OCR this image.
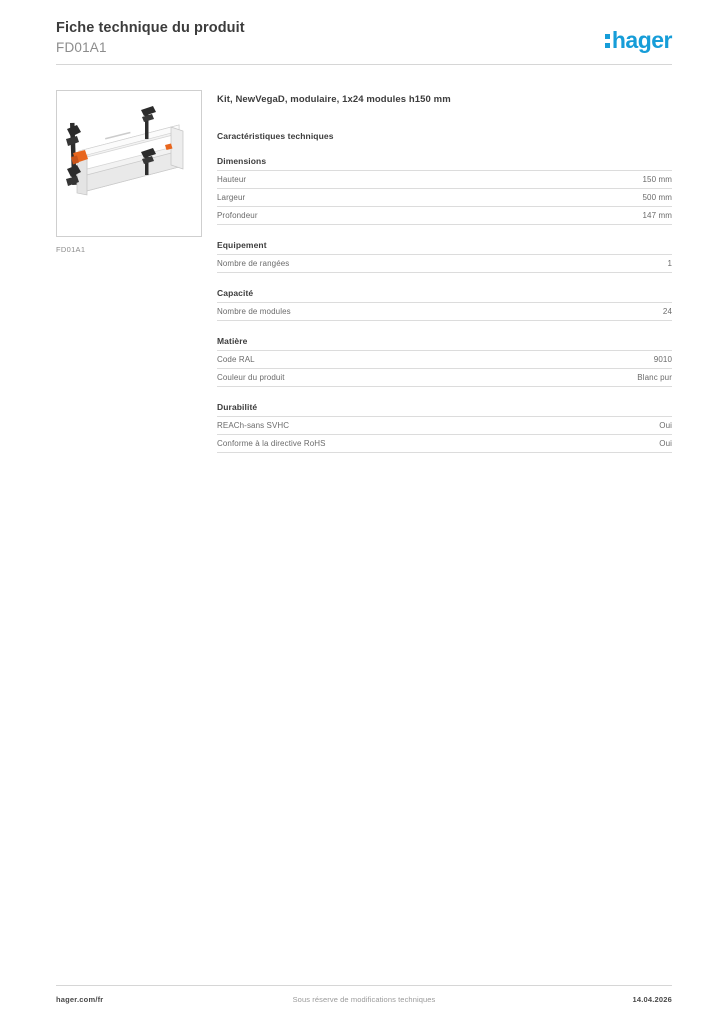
Fiche technique du produit
FD01A1	hager
FD01A1
Kit, NewVegaD, modulaire, 1x24 modules h150 mm
Caractéristiques techniques
Dimensions
Hauteur	150 mm
Largeur	500 mm
Profondeur	147 mm
Equipement
Nombre de rangées	1
Capacité
Nombre de modules	24
Matière
Code RAL	9010
Couleur du produit	Blanc pur
Durabilité
REACh-sans SVHC	Oui
Conforme à la directive RoHS	Oui
hager.com/fr	Sous réserve de modifications techniques	14.04.2026
